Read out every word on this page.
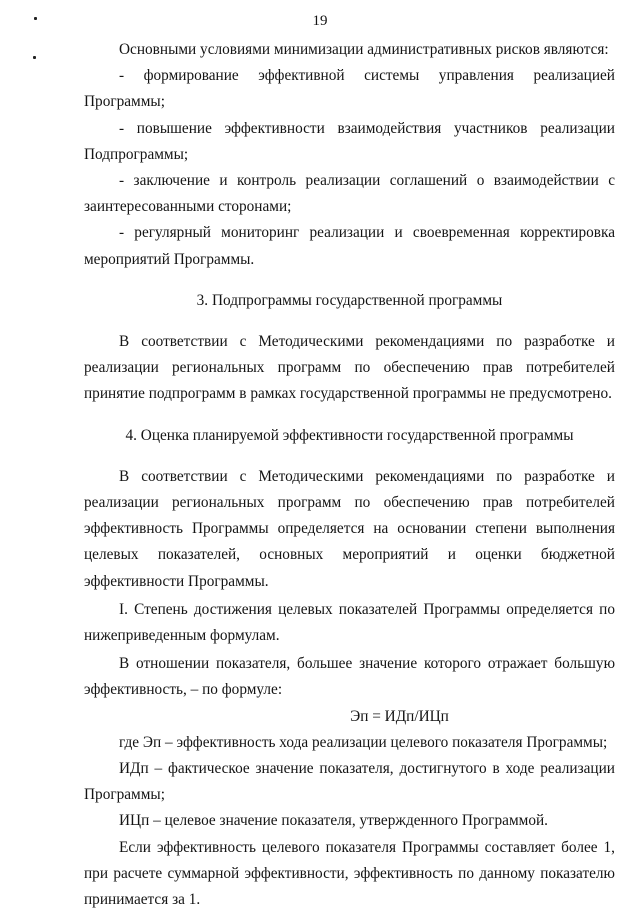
19

Основными условиями минимизации административных рисков являются:

- формирование эффективной системы управления реализацией Программы;

- повышение эффективности взаимодействия участников реализации Подпрограммы;

- заключение и контроль реализации соглашений о взаимодействии с заинтересованными сторонами;

- регулярный мониторинг реализации и своевременная корректировка мероприятий Программы.

3. Подпрограммы государственной программы

В соответствии с Методическими рекомендациями по разработке и реализации региональных программ по обеспечению прав потребителей принятие подпрограмм в рамках государственной программы не предусмотрено.

4. Оценка планируемой эффективности государственной программы

В соответствии с Методическими рекомендациями по разработке и реализации региональных программ по обеспечению прав потребителей эффективность Программы определяется на основании степени выполнения целевых показателей, основных мероприятий и оценки бюджетной эффективности Программы.

I. Степень достижения целевых показателей Программы определяется по нижеприведенным формулам.

В отношении показателя, большее значение которого отражает большую эффективность, – по формуле:

Эп = ИДп/ИЦп

где Эп – эффективность хода реализации целевого показателя Программы;

ИДп – фактическое значение показателя, достигнутого в ходе реализации Программы;

ИЦп – целевое значение показателя, утвержденного Программой.

Если эффективность целевого показателя Программы составляет более 1, при расчете суммарной эффективности, эффективность по данному показателю принимается за 1.
